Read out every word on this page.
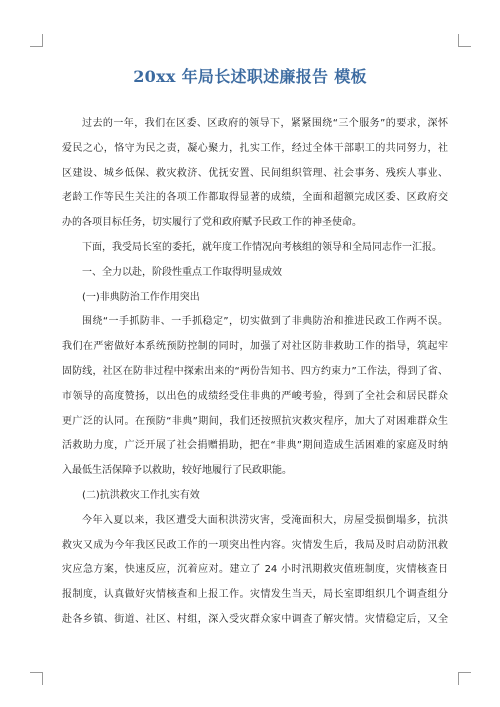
20xx 年局长述职述廉报告 模板
过去的一年，我们在区委、区政府的领导下，紧紧围绕“三个服务”的要求，深怀
爱民之心，恪守为民之责，凝心聚力，扎实工作，经过全体干部职工的共同努力，社
区建设、城乡低保、救灾救济、优抚安置、民间组织管理、社会事务、残疾人事业、
老龄工作等民生关注的各项工作都取得显著的成绩，全面和超额完成区委、区政府交
办的各项目标任务，切实履行了党和政府赋予民政工作的神圣使命。
下面，我受局长室的委托，就年度工作情况向考核组的领导和全局同志作一汇报。
一、全力以赴，阶段性重点工作取得明显成效
(一)非典防治工作作用突出
围绕“一手抓防非、一手抓稳定”，切实做到了非典防治和推进民政工作两不误。
我们在严密做好本系统预防控制的同时，加强了对社区防非救助工作的指导，筑起牢
固防线，社区在防非过程中探索出来的“两份告知书、四方约束力”工作法，得到了省、
市领导的高度赞扬，以出色的成绩经受住非典的严峻考验，得到了全社会和居民群众
更广泛的认同。在预防“非典”期间，我们还按照抗灾救灾程序，加大了对困难群众生
活救助力度，广泛开展了社会捐赠捐助，把在“非典”期间造成生活困难的家庭及时纳
入最低生活保障予以救助，较好地履行了民政职能。
(二)抗洪救灾工作扎实有效
今年入夏以来，我区遭受大面积洪涝灾害，受淹面积大，房屋受损倒塌多，抗洪
救灾又成为今年我区民政工作的一项突出性内容。灾情发生后，我局及时启动防汛救
灾应急方案，快速反应，沉着应对。建立了 24 小时汛期救灾值班制度，灾情核查日
报制度，认真做好灾情核查和上报工作。灾情发生当天，局长室即组织几个调查组分
赴各乡镇、街道、社区、村组，深入受灾群众家中调查了解灾情。灾情稳定后，又全
